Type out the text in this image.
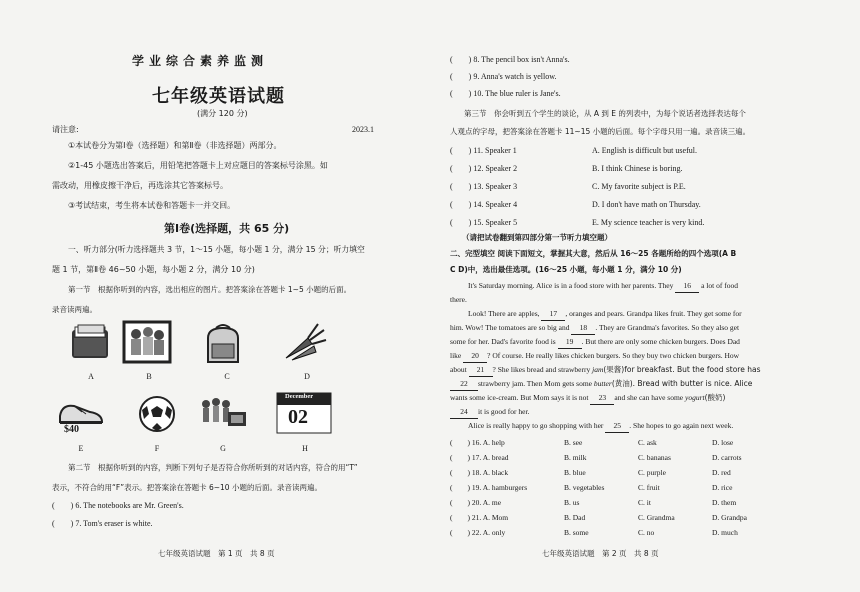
学业综合素养监测
七年级英语试题
(满分 120 分)
请注意:	2023.1
①本试卷分为第Ⅰ卷（选择题）和第Ⅱ卷（非选择题）两部分。
②1-45 小题选出答案后，用铅笔把答题卡上对应题目的答案标号涂黑。如
需改动，用橡皮擦干净后，再选涂其它答案标号。
③考试结束，考生将本试卷和答题卡一并交回。
第Ⅰ卷(选择题，共 65 分)
一、听力部分(听力选择题共 3 节，1～15 小题，每小题 1 分，满分 15 分；听力填空
题 1 节，第Ⅱ卷 46~50 小题，每小题 2 分，满分 10 分)
第一节　根据你听到的内容，选出相应的图片。把答案涂在答题卡 1~5 小题的后面。
录音读两遍。
A	B	C	D
$40
December
02
E	F	G	H
第二节　根据你听到的内容，判断下列句子是否符合你所听到的对话内容，符合的用“T”
表示，不符合的用“F”表示。把答案涂在答题卡 6~10 小题的后面。录音读两遍。
(　　) 6. The notebooks are Mr. Green's.
(　　) 7. Tom's eraser is white.
七年级英语试题　第 1 页　共 8 页
(　　) 8. The pencil box isn't Anna's.
(　　) 9. Anna's watch is yellow.
(　　) 10. The blue ruler is Jane's.
第三节　你会听到五个学生的谈论，从 A 到 E 的列表中，为每个说话者选择表达每个
人观点的字母，把答案涂在答题卡 11~15 小题的后面。每个字母只用一遍。录音读三遍。
(　　) 11. Speaker 1	A. English is difficult but useful.
(　　) 12. Speaker 2	B. I think Chinese is boring.
(　　) 13. Speaker 3	C. My favorite subject is P.E.
(　　) 14. Speaker 4	D. I don't have math on Thursday.
(　　) 15. Speaker 5	E. My science teacher is very kind.
（请把试卷翻到第四部分第一节听力填空题）
二、完型填空 阅读下面短文，掌握其大意，然后从 16～25 各题所给的四个选项(A B
C D)中，选出最佳选项。(16～25 小题，每小题 1 分，满分 10 分)
It's Saturday morning. Alice is in a food store with her parents. They 16 a lot of food
there.
Look! There are apples, 17 , oranges and pears. Grandpa likes fruit. They get some for
him. Wow! The tomatoes are so big and 18 . They are Grandma's favorites. So they also get
some for her. Dad's favorite food is 19 . But there are only some chicken burgers. Does Dad
like 20 ? Of course. He really likes chicken burgers. So they buy two chicken burgers. How
about 21 ? She likes bread and strawberry jam(果酱)for breakfast. But the food store has
22 strawberry jam. Then Mom gets some butter(黄油). Bread with butter is nice. Alice
wants some ice-cream. But Mom says it is not 23 and she can have some yogurt(酸奶)
24 it is good for her.
Alice is really happy to go shopping with her 25 . She hopes to go again next week.
(　　) 16. A. help	B. see	C. ask	D. lose
(　　) 17. A. bread	B. milk	C. bananas	D. carrots
(　　) 18. A. black	B. blue	C. purple	D. red
(　　) 19. A. hamburgers	B. vegetables	C. fruit	D. rice
(　　) 20. A. me	B. us	C. it	D. them
(　　) 21. A. Mom	B. Dad	C. Grandma	D. Grandpa
(　　) 22. A. only	B. some	C. no	D. much
七年级英语试题　第 2 页　共 8 页
